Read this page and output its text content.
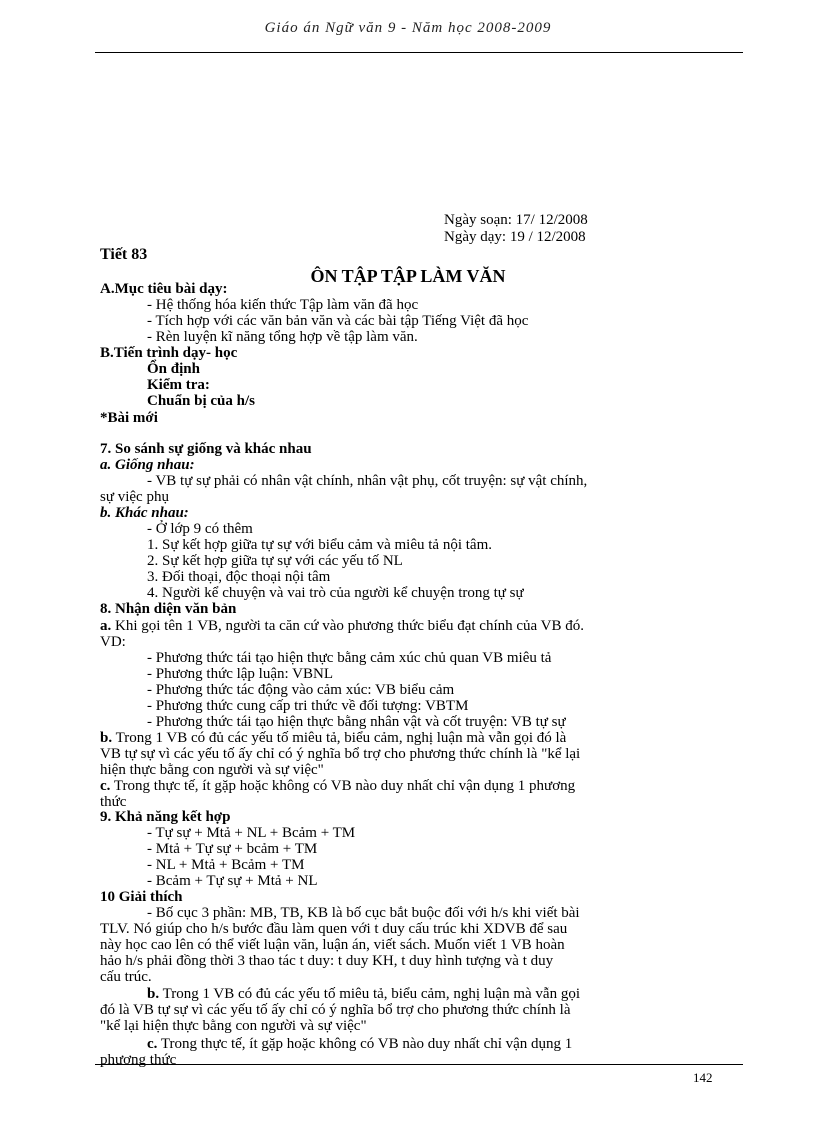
Giáo án Ngữ văn 9 - Năm học 2008-2009
Ngày soạn: 17/ 12/2008
Ngày dạy: 19 / 12/2008
Tiết 83
ÔN TẬP TẬP LÀM VĂN
A.Mục tiêu bài dạy:
- Hệ thống hóa kiến thức Tập làm văn đã học
- Tích hợp với các văn bản văn và các bài tập Tiếng Việt đã học
- Rèn luyện kĩ năng tổng hợp về tập làm văn.
B.Tiến trình dạy- học
Ổn định
Kiểm tra:
Chuẩn bị của h/s
*Bài mới
7. So sánh sự giống và khác nhau
a. Giống nhau:
- VB tự sự phải có nhân vật chính, nhân vật phụ, cốt truyện: sự vật chính,
sự việc phụ
b. Khác nhau:
- Ở lớp 9 có thêm
1. Sự kết hợp giữa tự sự với biểu cảm và miêu tả nội tâm.
2. Sự kết hợp giữa tự sự với các yếu tố NL
3. Đối thoại, độc thoại nội tâm
4. Người kể chuyện và vai trò của người kể chuyện trong tự sự
8. Nhận diện văn bản
a. Khi gọi tên 1 VB, người ta căn cứ vào phương thức biểu đạt chính của VB đó.
VD:
- Phương thức tái tạo hiện thực bằng cảm xúc chủ quan VB miêu tả
- Phương thức lập luận: VBNL
- Phương thức tác động vào cảm xúc: VB biểu cảm
- Phương thức cung cấp tri thức về đối tượng: VBTM
- Phương thức tái tạo hiện thực bằng nhân vật và cốt truyện: VB tự sự
b. Trong 1 VB có đủ các yếu tố miêu tả, biểu cảm, nghị luận mà vẫn gọi đó là
VB tự sự vì các yếu tố ấy chỉ có ý nghĩa bổ trợ cho phương thức chính là "kể lại
hiện thực bằng con người và sự việc"
c. Trong thực tế, ít gặp hoặc không có VB nào duy nhất chỉ vận dụng 1 phương
thức
9. Khả năng kết hợp
- Tự sự + Mtả + NL + Bcảm + TM
- Mtả + Tự sự + bcảm + TM
- NL + Mtả + Bcảm + TM
- Bcảm + Tự sự + Mtả + NL
10 Giải thích
- Bố cục 3 phần: MB, TB, KB là bố cục bắt buộc đối với h/s khi viết bài
TLV. Nó giúp cho h/s bước đầu làm quen với t duy cấu trúc khi XDVB để sau
này học cao lên có thể viết luận văn, luận án, viết sách. Muốn viết 1 VB hoàn
hảo h/s phải đồng thời 3 thao tác t duy: t duy KH, t duy hình tượng và t duy
cấu trúc.
b. Trong 1 VB có đủ các yếu tố miêu tả, biểu cảm, nghị luận mà vẫn gọi
đó là VB tự sự vì các yếu tố ấy chỉ có ý nghĩa bổ trợ cho phương thức chính là
"kể lại hiện thực bằng con người và sự việc"
c. Trong thực tế, ít gặp hoặc không có VB nào duy nhất chỉ vận dụng 1
phương thức
142
